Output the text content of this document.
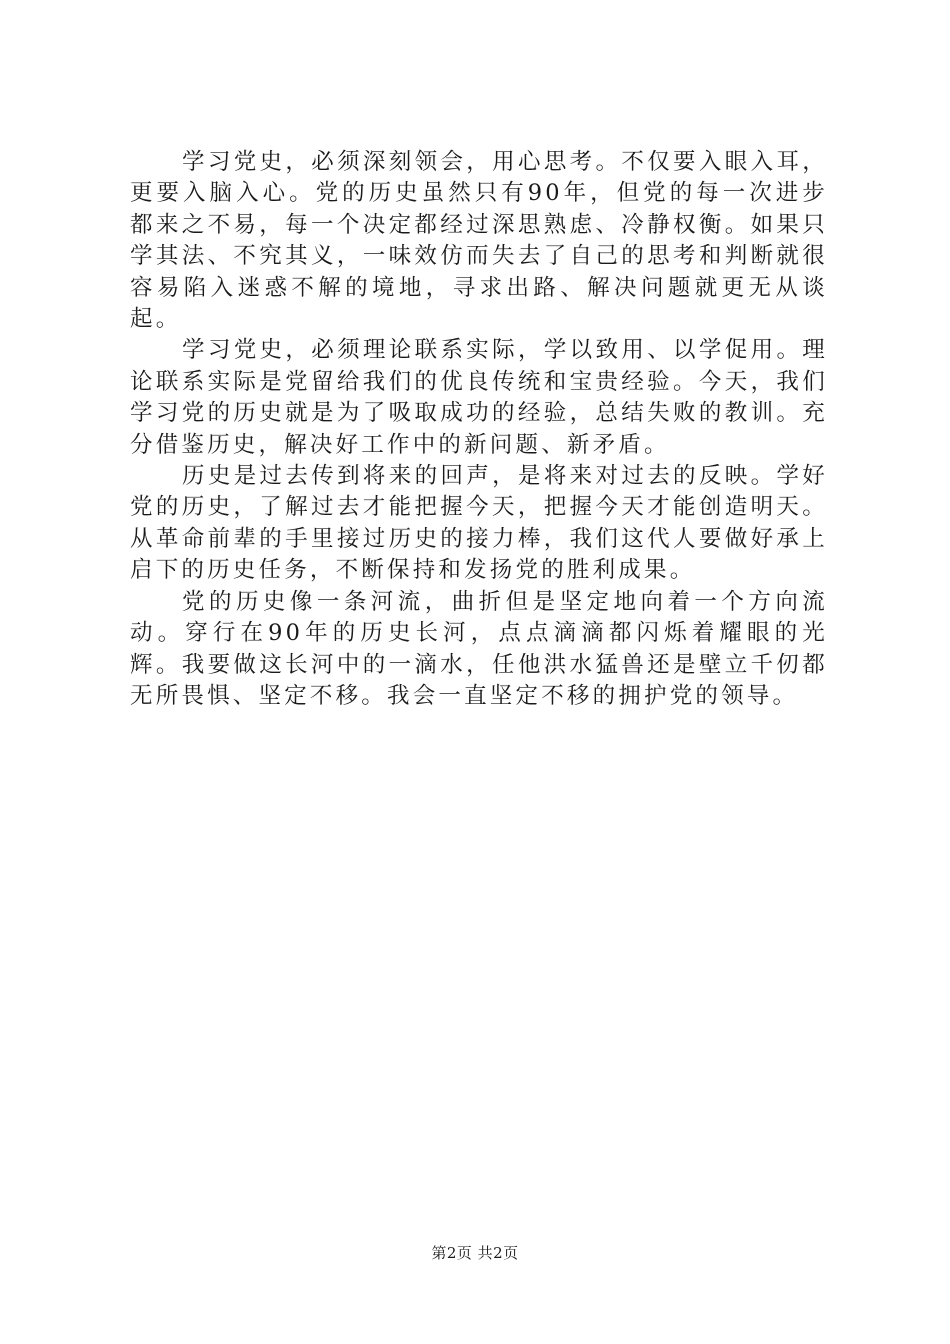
学习党史，必须深刻领会，用心思考。不仅要入眼入耳，更要入脑入心。党的历史虽然只有90年，但党的每一次进步都来之不易，每一个决定都经过深思熟虑、冷静权衡。如果只学其法、不究其义，一味效仿而失去了自己的思考和判断就很容易陷入迷惑不解的境地，寻求出路、解决问题就更无从谈起。

学习党史，必须理论联系实际，学以致用、以学促用。理论联系实际是党留给我们的优良传统和宝贵经验。今天，我们学习党的历史就是为了吸取成功的经验，总结失败的教训。充分借鉴历史，解决好工作中的新问题、新矛盾。

历史是过去传到将来的回声，是将来对过去的反映。学好党的历史，了解过去才能把握今天，把握今天才能创造明天。从革命前辈的手里接过历史的接力棒，我们这代人要做好承上启下的历史任务，不断保持和发扬党的胜利成果。

党的历史像一条河流，曲折但是坚定地向着一个方向流动。穿行在90年的历史长河，点点滴滴都闪烁着耀眼的光辉。我要做这长河中的一滴水，任他洪水猛兽还是壁立千仞都无所畏惧、坚定不移。我会一直坚定不移的拥护党的领导。

第2页 共2页
